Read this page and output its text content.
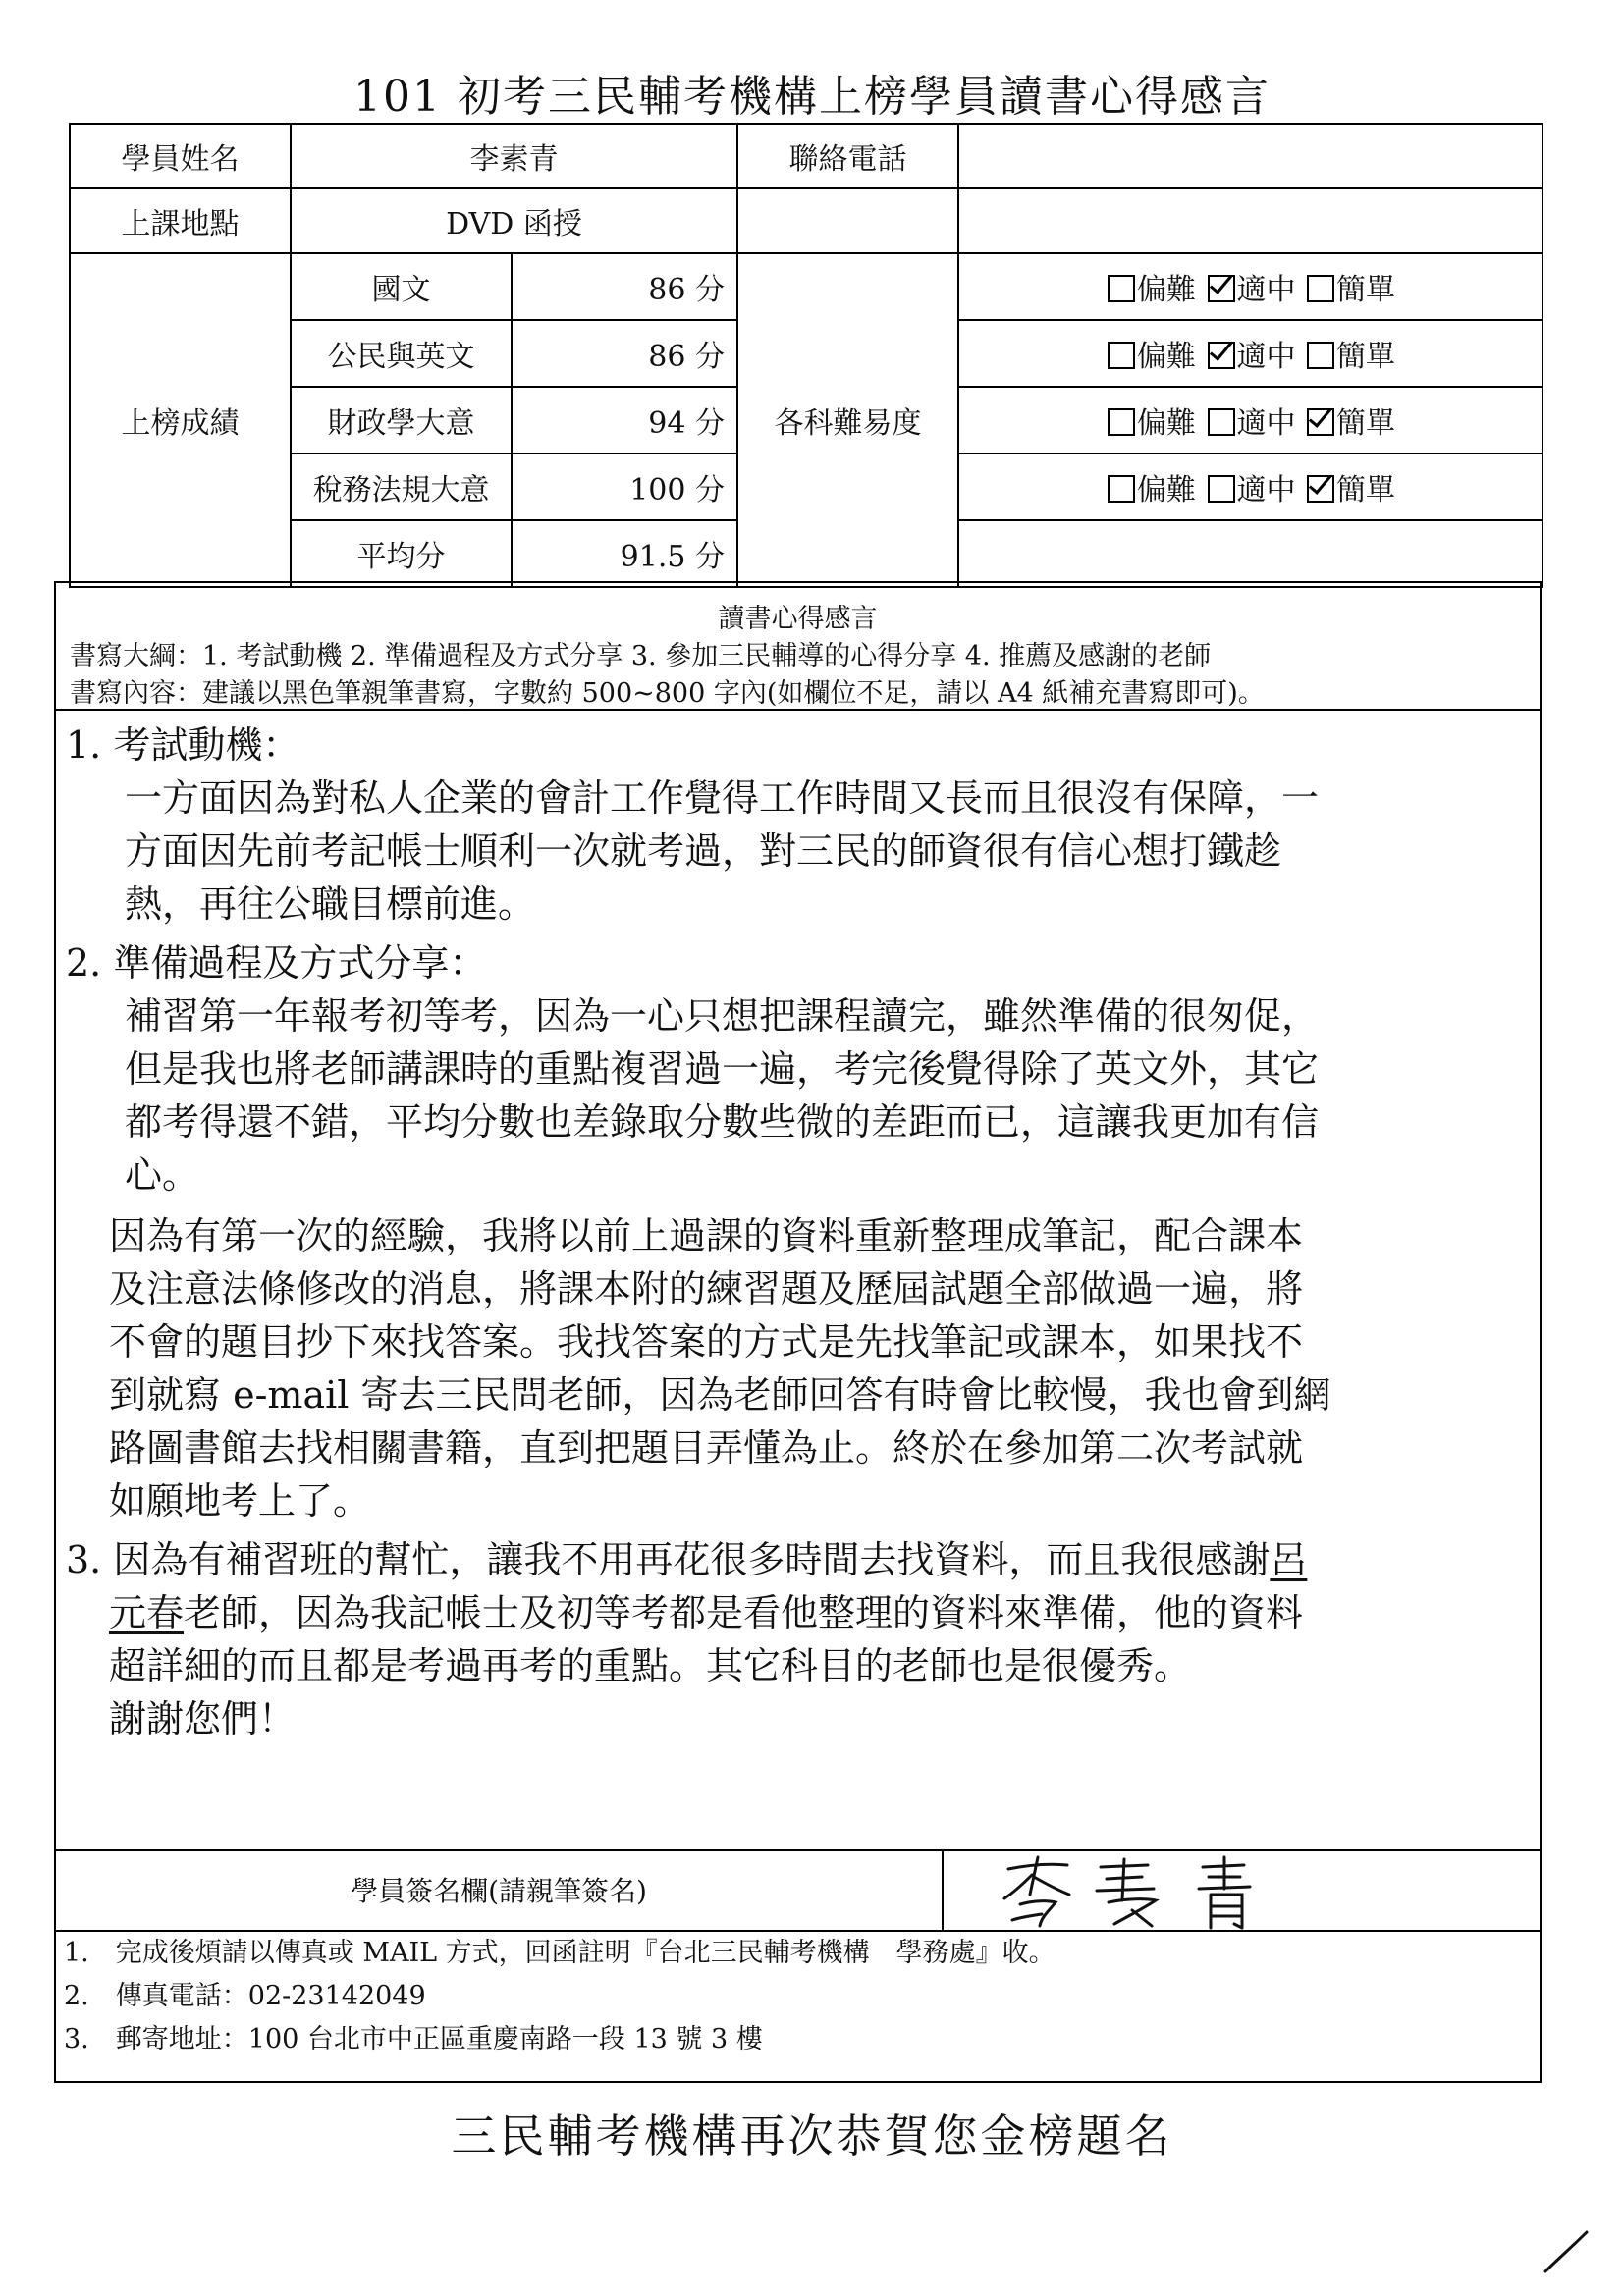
101 初考三民輔考機構上榜學員讀書心得感言
學員姓名	李素青		聯絡電話	
上課地點	DVD 函授			
上榜成績	國文	86 分	各科難易度	偏難 適中 簡單
	公民與英文	86 分		偏難 適中 簡單
	財政學大意	94 分		偏難 適中 簡單
	稅務法規大意	100 分		偏難 適中 簡單
	平均分	91.5 分		
讀書心得感言
書寫大綱：1. 考試動機 2. 準備過程及方式分享 3. 參加三民輔導的心得分享 4. 推薦及感謝的老師
書寫內容：建議以黑色筆親筆書寫，字數約 500~800 字內(如欄位不足，請以 A4 紙補充書寫即可)。

1. 考試動機：

一方面因為對私人企業的會計工作覺得工作時間又長而且很沒有保障，一

方面因先前考記帳士順利一次就考過，對三民的師資很有信心想打鐵趁

熱，再往公職目標前進。

2. 準備過程及方式分享：

補習第一年報考初等考，因為一心只想把課程讀完，雖然準備的很匆促，

但是我也將老師講課時的重點複習過一遍，考完後覺得除了英文外，其它

都考得還不錯，平均分數也差錄取分數些微的差距而已，這讓我更加有信

心。

因為有第一次的經驗，我將以前上過課的資料重新整理成筆記，配合課本

及注意法條修改的消息，將課本附的練習題及歷屆試題全部做過一遍，將

不會的題目抄下來找答案。我找答案的方式是先找筆記或課本，如果找不

到就寫 e-mail 寄去三民問老師，因為老師回答有時會比較慢，我也會到網

路圖書館去找相關書籍，直到把題目弄懂為止。終於在參加第二次考試就

如願地考上了。

3. 因為有補習班的幫忙，讓我不用再花很多時間去找資料，而且我很感謝呂

元春老師，因為我記帳士及初等考都是看他整理的資料來準備，他的資料

超詳細的而且都是考過再考的重點。其它科目的老師也是很優秀。

謝謝您們！

學員簽名欄(請親筆簽名)
1.　完成後煩請以傳真或 MAIL 方式，回函註明『台北三民輔考機構　學務處』收。
2.　傳真電話：02-23142049
3.　郵寄地址：100 台北市中正區重慶南路一段 13 號 3 樓
三民輔考機構再次恭賀您金榜題名
